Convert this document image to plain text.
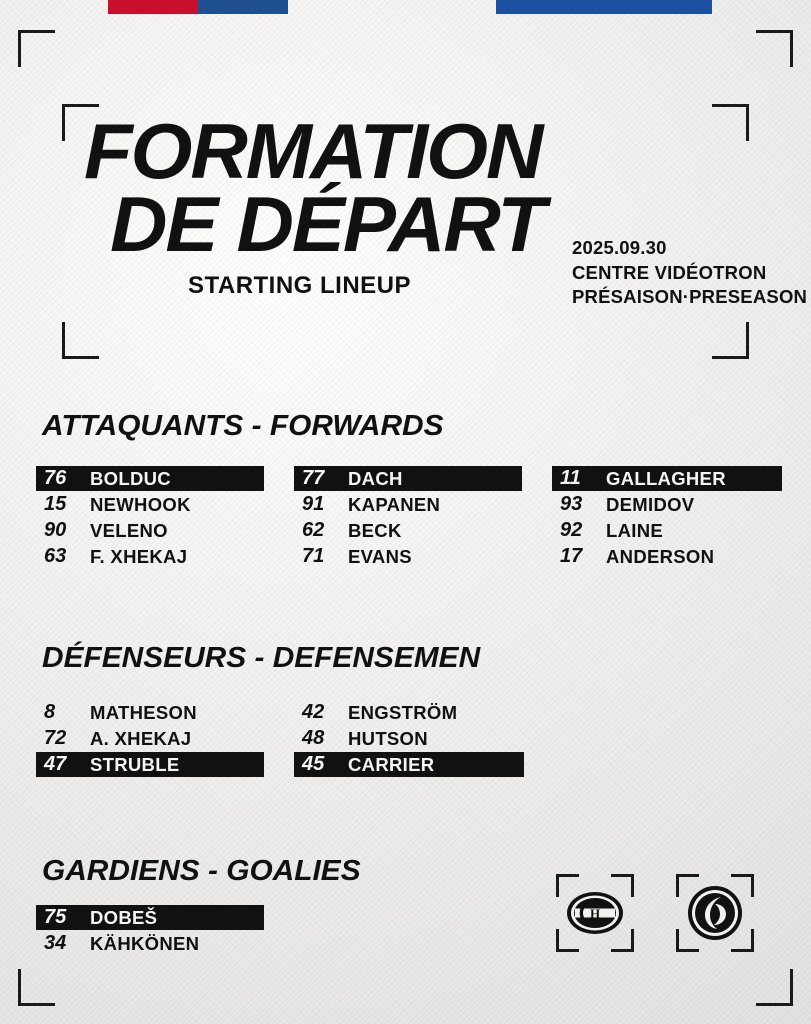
FORMATION
DE DÉPART
STARTING LINEUP
2025.09.30
CENTRE VIDÉOTRON
PRÉSAISON·PRESEASON
ATTAQUANTS - FORWARDS
DÉFENSEURS - DEFENSEMEN
GARDIENS - GOALIES
76	BOLDUC
15	NEWHOOK
90	VELENO
63	F. XHEKAJ
77	DACH
91	KAPANEN
62	BECK
71	EVANS
11	GALLAGHER
93	DEMIDOV
92	LAINE
17	ANDERSON
8	MATHESON
72	A. XHEKAJ
47	STRUBLE
42	ENGSTRÖM
48	HUTSON
45	CARRIER
75	DOBEŠ
34	KÄHKÖNEN
H
